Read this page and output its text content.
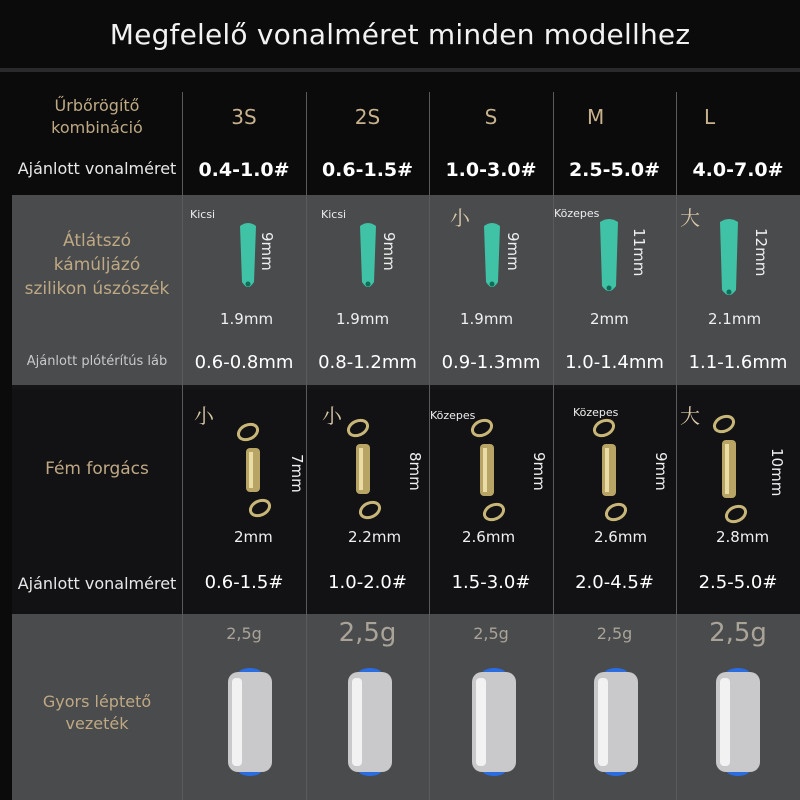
Megfelelő vonalméret minden modellhez
Űrbőrögítő kombináció
Ajánlott vonalméret
Átlátszó kámúljázó szilikon úszószék
Ajánlott plótérítús láb
Fém forgács
Ajánlott vonalméret
Gyors léptető vezeték
3S
0.4-1.0#
Kicsi
9mm
1.9mm
0.6-0.8mm
小
7mm
2mm
0.6-1.5#
2,5g
2S
0.6-1.5#
Kicsi
9mm
1.9mm
0.8-1.2mm
小
8mm
2.2mm
1.0-2.0#
2,5g
S
1.0-3.0#
小
9mm
1.9mm
0.9-1.3mm
Közepes
9mm
2.6mm
1.5-3.0#
2,5g
M
2.5-5.0#
Közepes
11mm
2mm
1.0-1.4mm
Közepes
9mm
2.6mm
2.0-4.5#
2,5g
L
4.0-7.0#
大
12mm
2.1mm
1.1-1.6mm
大
10mm
2.8mm
2.5-5.0#
2,5g
